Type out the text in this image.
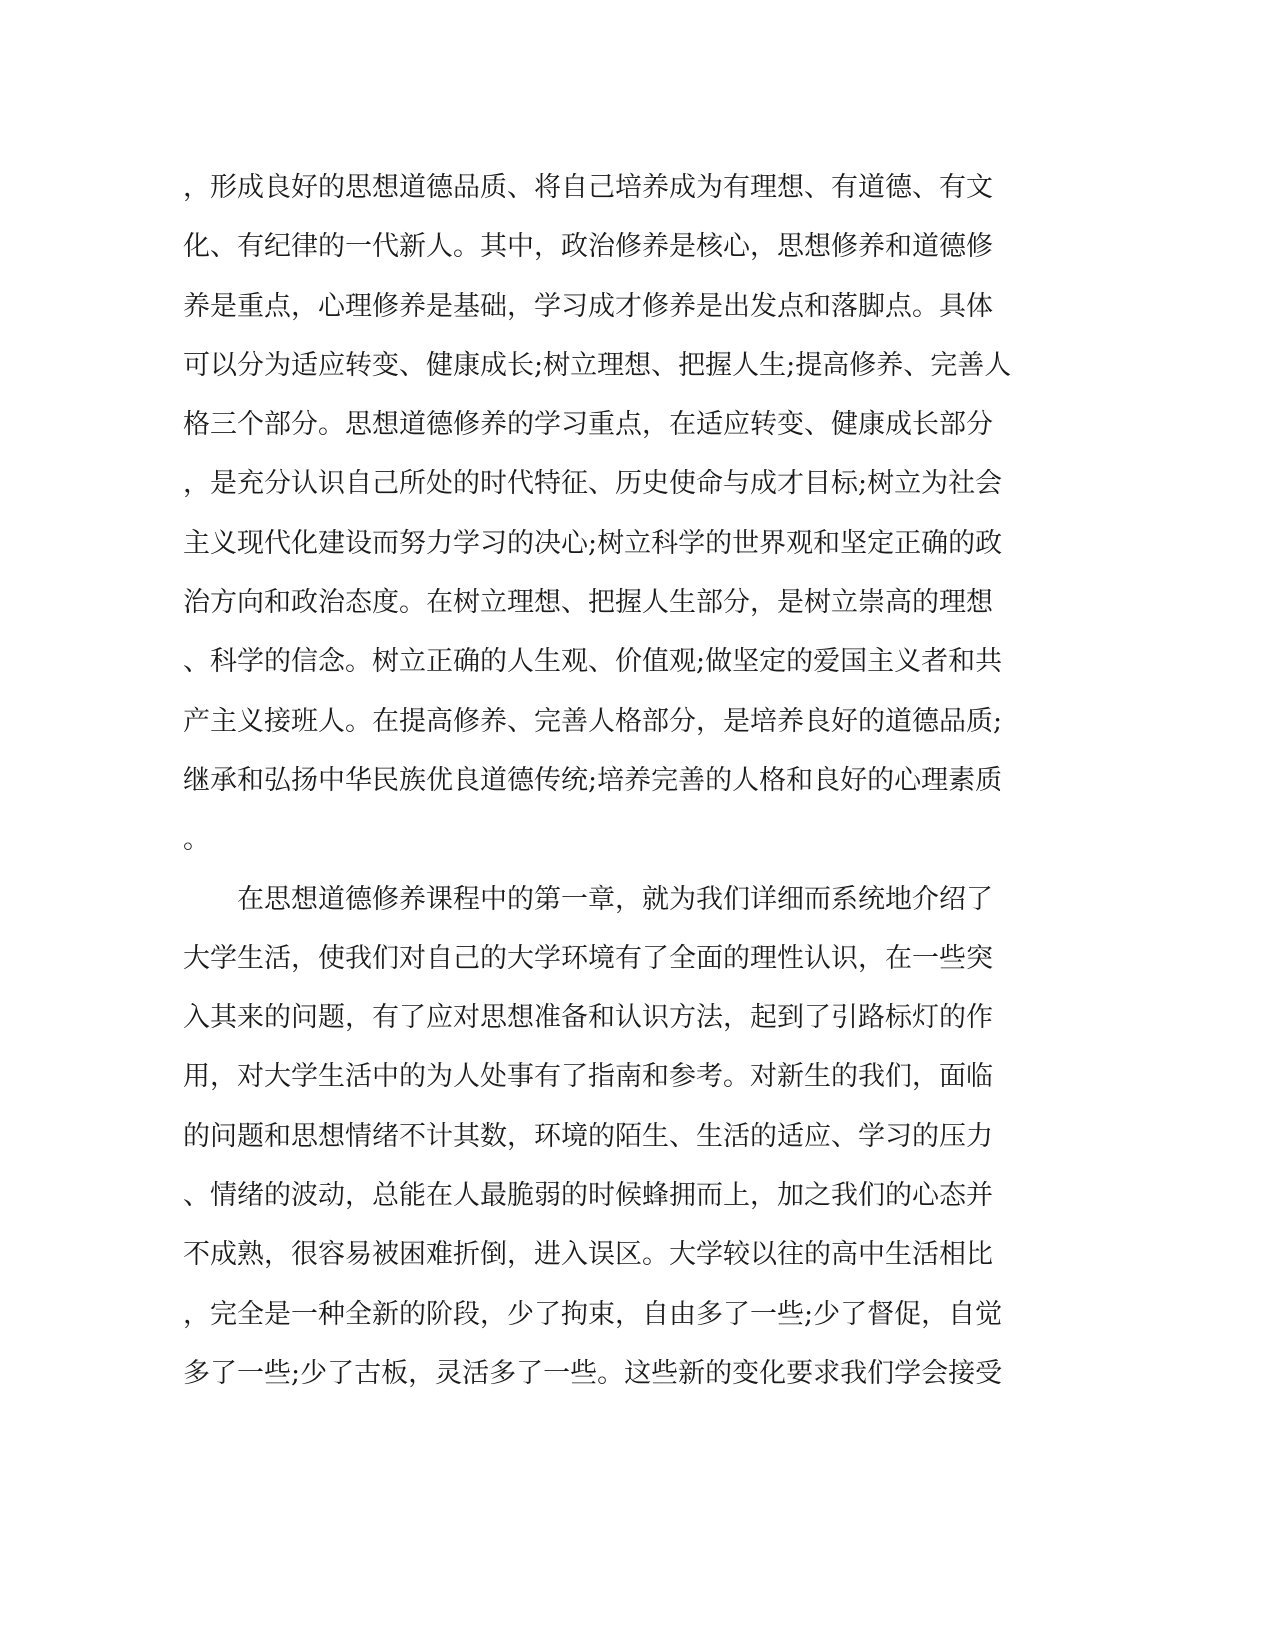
，形成良好的思想道德品质、将自己培养成为有理想、有道德、有文
化、有纪律的一代新人。其中，政治修养是核心，思想修养和道德修
养是重点，心理修养是基础，学习成才修养是出发点和落脚点。具体
可以分为适应转变、健康成长;树立理想、把握人生;提高修养、完善人
格三个部分。思想道德修养的学习重点，在适应转变、健康成长部分
，是充分认识自己所处的时代特征、历史使命与成才目标;树立为社会
主义现代化建设而努力学习的决心;树立科学的世界观和坚定正确的政
治方向和政治态度。在树立理想、把握人生部分，是树立崇高的理想
、科学的信念。树立正确的人生观、价值观;做坚定的爱国主义者和共
产主义接班人。在提高修养、完善人格部分，是培养良好的道德品质;
继承和弘扬中华民族优良道德传统;培养完善的人格和良好的心理素质
。
　　在思想道德修养课程中的第一章，就为我们详细而系统地介绍了
大学生活，使我们对自己的大学环境有了全面的理性认识，在一些突
入其来的问题，有了应对思想准备和认识方法，起到了引路标灯的作
用，对大学生活中的为人处事有了指南和参考。对新生的我们，面临
的问题和思想情绪不计其数，环境的陌生、生活的适应、学习的压力
、情绪的波动，总能在人最脆弱的时候蜂拥而上，加之我们的心态并
不成熟，很容易被困难折倒，进入误区。大学较以往的高中生活相比
，完全是一种全新的阶段，少了拘束，自由多了一些;少了督促，自觉
多了一些;少了古板，灵活多了一些。这些新的变化要求我们学会接受
